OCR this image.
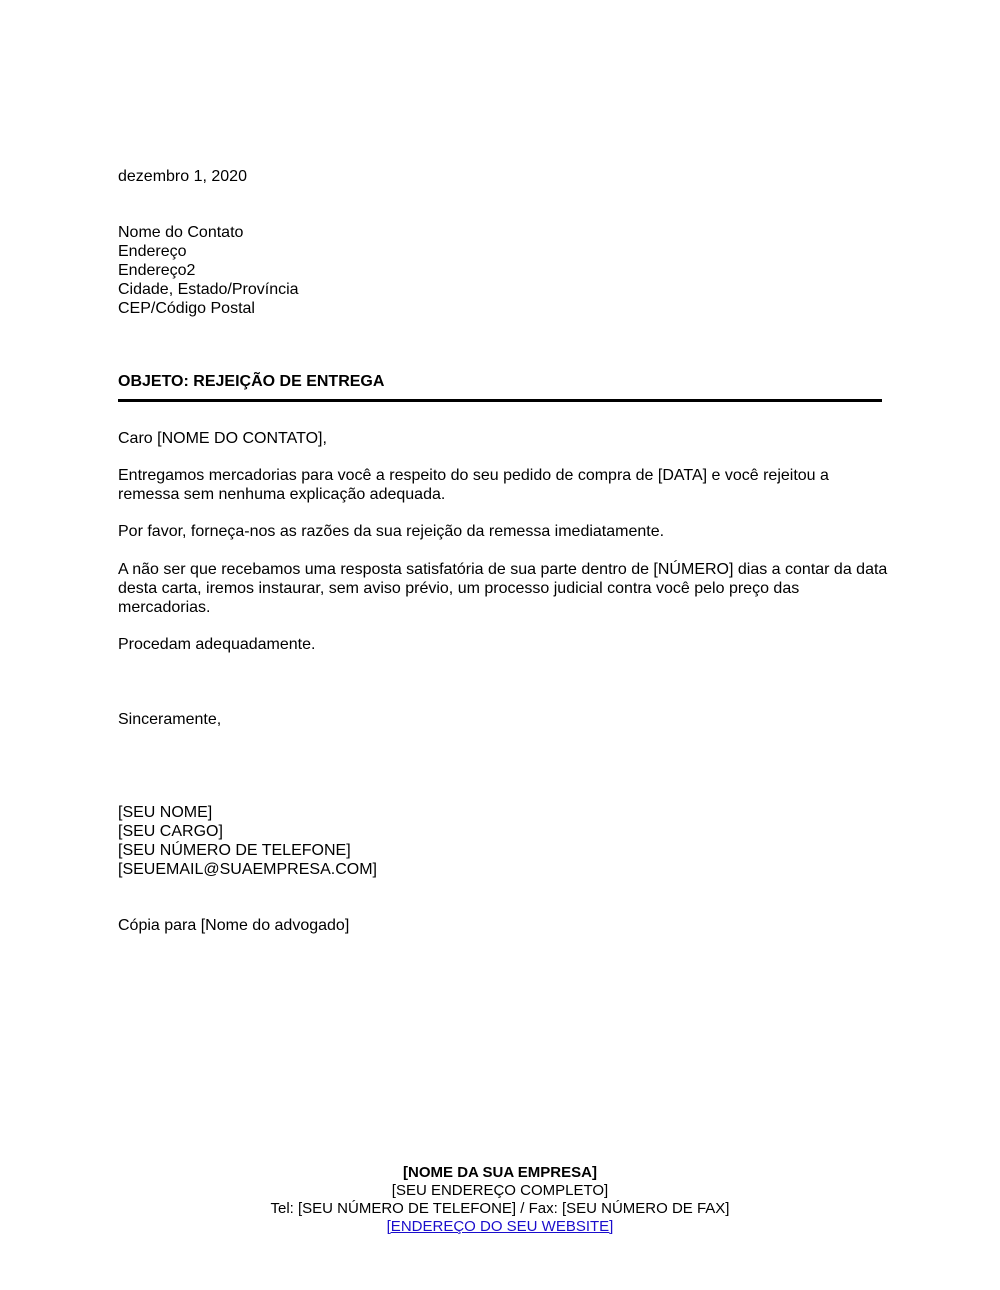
dezembro 1, 2020
Nome do Contato
Endereço
Endereço2
Cidade, Estado/Província
CEP/Código Postal
OBJETO: REJEIÇÃO DE ENTREGA
Caro [NOME DO CONTATO],
Entregamos mercadorias para você a respeito do seu pedido de compra de [DATA] e você rejeitou a remessa sem nenhuma explicação adequada.
Por favor, forneça-nos as razões da sua rejeição da remessa imediatamente.
A não ser que recebamos uma resposta satisfatória de sua parte dentro de [NÚMERO] dias a contar da data desta carta, iremos instaurar, sem aviso prévio, um processo judicial contra você pelo preço das mercadorias.
Procedam adequadamente.
Sinceramente,
[SEU NOME]
[SEU CARGO]
[SEU NÚMERO DE TELEFONE]
[SEUEMAIL@SUAEMPRESA.COM]
Cópia para [Nome do advogado]
[NOME DA SUA EMPRESA]
[SEU ENDEREÇO COMPLETO]
Tel: [SEU NÚMERO DE TELEFONE] / Fax: [SEU NÚMERO DE FAX]
[ENDEREÇO DO SEU WEBSITE]
